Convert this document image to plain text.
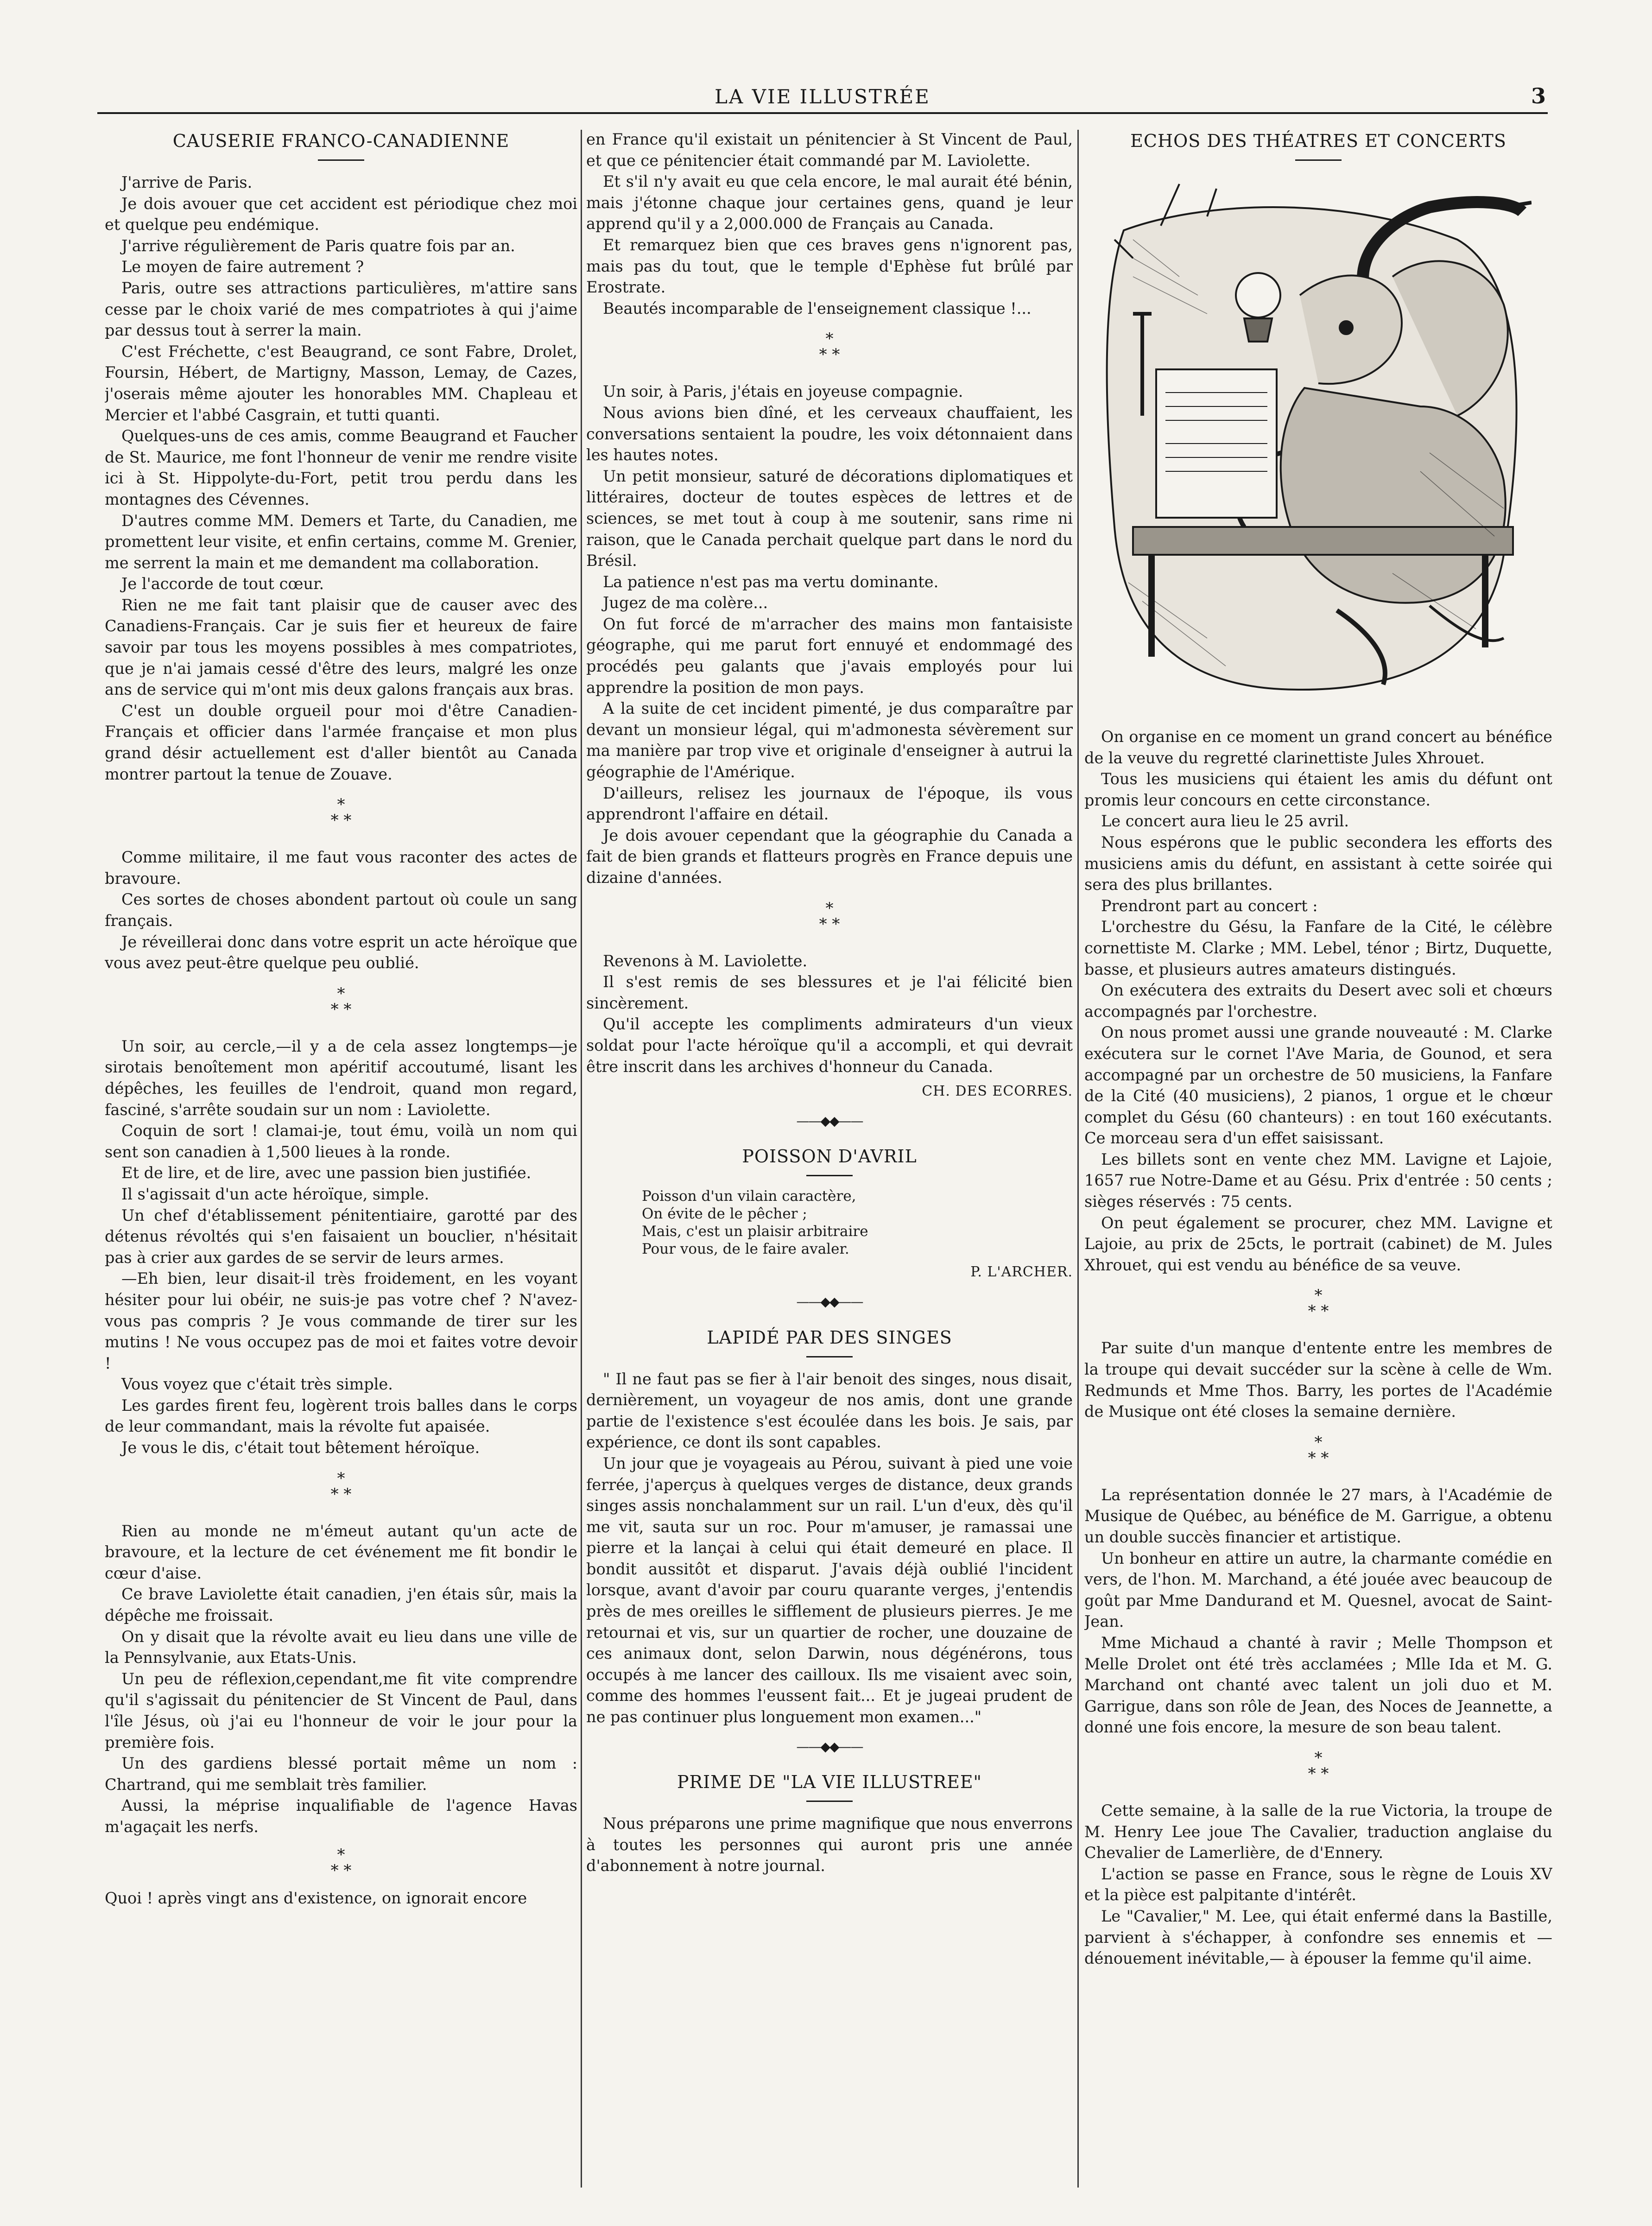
LA VIE ILLUSTRÉE	3
CAUSERIE FRANCO-CANADIENNE

J'arrive de Paris.

Je dois avouer que cet accident est périodique chez moi et quelque peu endémique.

J'arrive régulièrement de Paris quatre fois par an.

Le moyen de faire autrement ?

Paris, outre ses attractions particulières, m'attire sans cesse par le choix varié de mes compatriotes à qui j'aime par dessus tout à serrer la main.

C'est Fréchette, c'est Beaugrand, ce sont Fabre, Drolet, Foursin, Hébert, de Martigny, Masson, Lemay, de Cazes, j'oserais même ajouter les honorables MM. Chapleau et Mercier et l'abbé Casgrain, et tutti quanti.

Quelques-uns de ces amis, comme Beaugrand et Faucher de St. Maurice, me font l'honneur de venir me rendre visite ici à St. Hippolyte-du-Fort, petit trou perdu dans les montagnes des Cévennes.

D'autres comme MM. Demers et Tarte, du Canadien, me promettent leur visite, et enfin certains, comme M. Grenier, me serrent la main et me demandent ma collaboration.

Je l'accorde de tout cœur.

Rien ne me fait tant plaisir que de causer avec des Canadiens-Français. Car je suis fier et heureux de faire savoir par tous les moyens possibles à mes compatriotes, que je n'ai jamais cessé d'être des leurs, malgré les onze ans de service qui m'ont mis deux galons français aux bras.

C'est un double orgueil pour moi d'être Canadien-Français et officier dans l'armée française et mon plus grand désir actuellement est d'aller bientôt au Canada montrer partout la tenue de Zouave.

*
* *

Comme militaire, il me faut vous raconter des actes de bravoure.

Ces sortes de choses abondent partout où coule un sang français.

Je réveillerai donc dans votre esprit un acte héroïque que vous avez peut-être quelque peu oublié.

*
* *

Un soir, au cercle,—il y a de cela assez longtemps—je sirotais benoîtement mon apéritif accoutumé, lisant les dépêches, les feuilles de l'endroit, quand mon regard, fasciné, s'arrête soudain sur un nom : Laviolette.

Coquin de sort ! clamai-je, tout ému, voilà un nom qui sent son canadien à 1,500 lieues à la ronde.

Et de lire, et de lire, avec une passion bien justifiée.

Il s'agissait d'un acte héroïque, simple.

Un chef d'établissement pénitentiaire, garotté par des détenus révoltés qui s'en faisaient un bouclier, n'hésitait pas à crier aux gardes de se servir de leurs armes.

—Eh bien, leur disait-il très froidement, en les voyant hésiter pour lui obéir, ne suis-je pas votre chef ? N'avez-vous pas compris ? Je vous commande de tirer sur les mutins ! Ne vous occupez pas de moi et faites votre devoir !

Vous voyez que c'était très simple.

Les gardes firent feu, logèrent trois balles dans le corps de leur commandant, mais la révolte fut apaisée.

Je vous le dis, c'était tout bêtement héroïque.

*
* *

Rien au monde ne m'émeut autant qu'un acte de bravoure, et la lecture de cet événement me fit bondir le cœur d'aise.

Ce brave Laviolette était canadien, j'en étais sûr, mais la dépêche me froissait.

On y disait que la révolte avait eu lieu dans une ville de la Pennsylvanie, aux Etats-Unis.

Un peu de réflexion,cependant,me fit vite comprendre qu'il s'agissait du pénitencier de St Vincent de Paul, dans l'île Jésus, où j'ai eu l'honneur de voir le jour pour la première fois.

Un des gardiens blessé portait même un nom : Chartrand, qui me semblait très familier.

Aussi, la méprise inqualifiable de l'agence Havas m'agaçait les nerfs.

*
* *

Quoi ! après vingt ans d'existence, on ignorait encore

en France qu'il existait un pénitencier à St Vincent de Paul, et que ce pénitencier était commandé par M. Laviolette.

Et s'il n'y avait eu que cela encore, le mal aurait été bénin, mais j'étonne chaque jour certaines gens, quand je leur apprend qu'il y a 2,000.000 de Français au Canada.

Et remarquez bien que ces braves gens n'ignorent pas, mais pas du tout, que le temple d'Ephèse fut brûlé par Erostrate.

Beautés incomparable de l'enseignement classique !...

*
* *

Un soir, à Paris, j'étais en joyeuse compagnie.

Nous avions bien dîné, et les cerveaux chauffaient, les conversations sentaient la poudre, les voix détonnaient dans les hautes notes.

Un petit monsieur, saturé de décorations diplomatiques et littéraires, docteur de toutes espèces de lettres et de sciences, se met tout à coup à me soutenir, sans rime ni raison, que le Canada perchait quelque part dans le nord du Brésil.

La patience n'est pas ma vertu dominante.

Jugez de ma colère...

On fut forcé de m'arracher des mains mon fantaisiste géographe, qui me parut fort ennuyé et endommagé des procédés peu galants que j'avais employés pour lui apprendre la position de mon pays.

A la suite de cet incident pimenté, je dus comparaître par devant un monsieur légal, qui m'admonesta sévèrement sur ma manière par trop vive et originale d'enseigner à autrui la géographie de l'Amérique.

D'ailleurs, relisez les journaux de l'époque, ils vous apprendront l'affaire en détail.

Je dois avouer cependant que la géographie du Canada a fait de bien grands et flatteurs progrès en France depuis une dizaine d'années.

*
* *

Revenons à M. Laviolette.

Il s'est remis de ses blessures et je l'ai félicité bien sincèrement.

Qu'il accepte les compliments admirateurs d'un vieux soldat pour l'acte héroïque qu'il a accompli, et qui devrait être inscrit dans les archives d'honneur du Canada.

CH. DES ECORRES.
——◆◆——
POISSON D'AVRIL
Poisson d'un vilain caractère,
On évite de le pêcher ;
Mais, c'est un plaisir arbitraire
Pour vous, de le faire avaler.
P. L'ARCHER.
——◆◆——
LAPIDÉ PAR DES SINGES

" Il ne faut pas se fier à l'air benoit des singes, nous disait, dernièrement, un voyageur de nos amis, dont une grande partie de l'existence s'est écoulée dans les bois. Je sais, par expérience, ce dont ils sont capables.

Un jour que je voyageais au Pérou, suivant à pied une voie ferrée, j'aperçus à quelques verges de distance, deux grands singes assis nonchalamment sur un rail. L'un d'eux, dès qu'il me vit, sauta sur un roc. Pour m'amuser, je ramassai une pierre et la lançai à celui qui était demeuré en place. Il bondit aussitôt et disparut. J'avais déjà oublié l'incident lorsque, avant d'avoir par couru quarante verges, j'entendis près de mes oreilles le sifflement de plusieurs pierres. Je me retournai et vis, sur un quartier de rocher, une douzaine de ces animaux dont, selon Darwin, nous dégénérons, tous occupés à me lancer des cailloux. Ils me visaient avec soin, comme des hommes l'eussent fait... Et je jugeai prudent de ne pas continuer plus longuement mon examen..."

——◆◆——
PRIME DE "LA VIE ILLUSTREE"

Nous préparons une prime magnifique que nous enverrons à toutes les personnes qui auront pris une année d'abonnement à notre journal.

ECHOS DES THÉATRES ET CONCERTS

On organise en ce moment un grand concert au bénéfice de la veuve du regretté clarinettiste Jules Xhrouet.

Tous les musiciens qui étaient les amis du défunt ont promis leur concours en cette circonstance.

Le concert aura lieu le 25 avril.

Nous espérons que le public secondera les efforts des musiciens amis du défunt, en assistant à cette soirée qui sera des plus brillantes.

Prendront part au concert :

L'orchestre du Gésu, la Fanfare de la Cité, le célèbre cornettiste M. Clarke ; MM. Lebel, ténor ; Birtz, Duquette, basse, et plusieurs autres amateurs distingués.

On exécutera des extraits du Desert avec soli et chœurs accompagnés par l'orchestre.

On nous promet aussi une grande nouveauté : M. Clarke exécutera sur le cornet l'Ave Maria, de Gounod, et sera accompagné par un orchestre de 50 musiciens, la Fanfare de la Cité (40 musiciens), 2 pianos, 1 orgue et le chœur complet du Gésu (60 chanteurs) : en tout 160 exécutants. Ce morceau sera d'un effet saisissant.

Les billets sont en vente chez MM. Lavigne et Lajoie, 1657 rue Notre-Dame et au Gésu. Prix d'entrée : 50 cents ; sièges réservés : 75 cents.

On peut également se procurer, chez MM. Lavigne et Lajoie, au prix de 25cts, le portrait (cabinet) de M. Jules Xhrouet, qui est vendu au bénéfice de sa veuve.

*
* *

Par suite d'un manque d'entente entre les membres de la troupe qui devait succéder sur la scène à celle de Wm. Redmunds et Mme Thos. Barry, les portes de l'Académie de Musique ont été closes la semaine dernière.

*
* *

La représentation donnée le 27 mars, à l'Académie de Musique de Québec, au bénéfice de M. Garrigue, a obtenu un double succès financier et artistique.

Un bonheur en attire un autre, la charmante comédie en vers, de l'hon. M. Marchand, a été jouée avec beaucoup de goût par Mme Dandurand et M. Quesnel, avocat de Saint-Jean.

Mme Michaud a chanté à ravir ; Melle Thompson et Melle Drolet ont été très acclamées ; Mlle Ida et M. G. Marchand ont chanté avec talent un joli duo et M. Garrigue, dans son rôle de Jean, des Noces de Jeannette, a donné une fois encore, la mesure de son beau talent.

*
* *

Cette semaine, à la salle de la rue Victoria, la troupe de M. Henry Lee joue The Cavalier, traduction anglaise du Chevalier de Lamerlière, de d'Ennery.

L'action se passe en France, sous le règne de Louis XV et la pièce est palpitante d'intérêt.

Le "Cavalier," M. Lee, qui était enfermé dans la Bastille, parvient à s'échapper, à confondre ses ennemis et —dénouement inévitable,— à épouser la femme qu'il aime.
